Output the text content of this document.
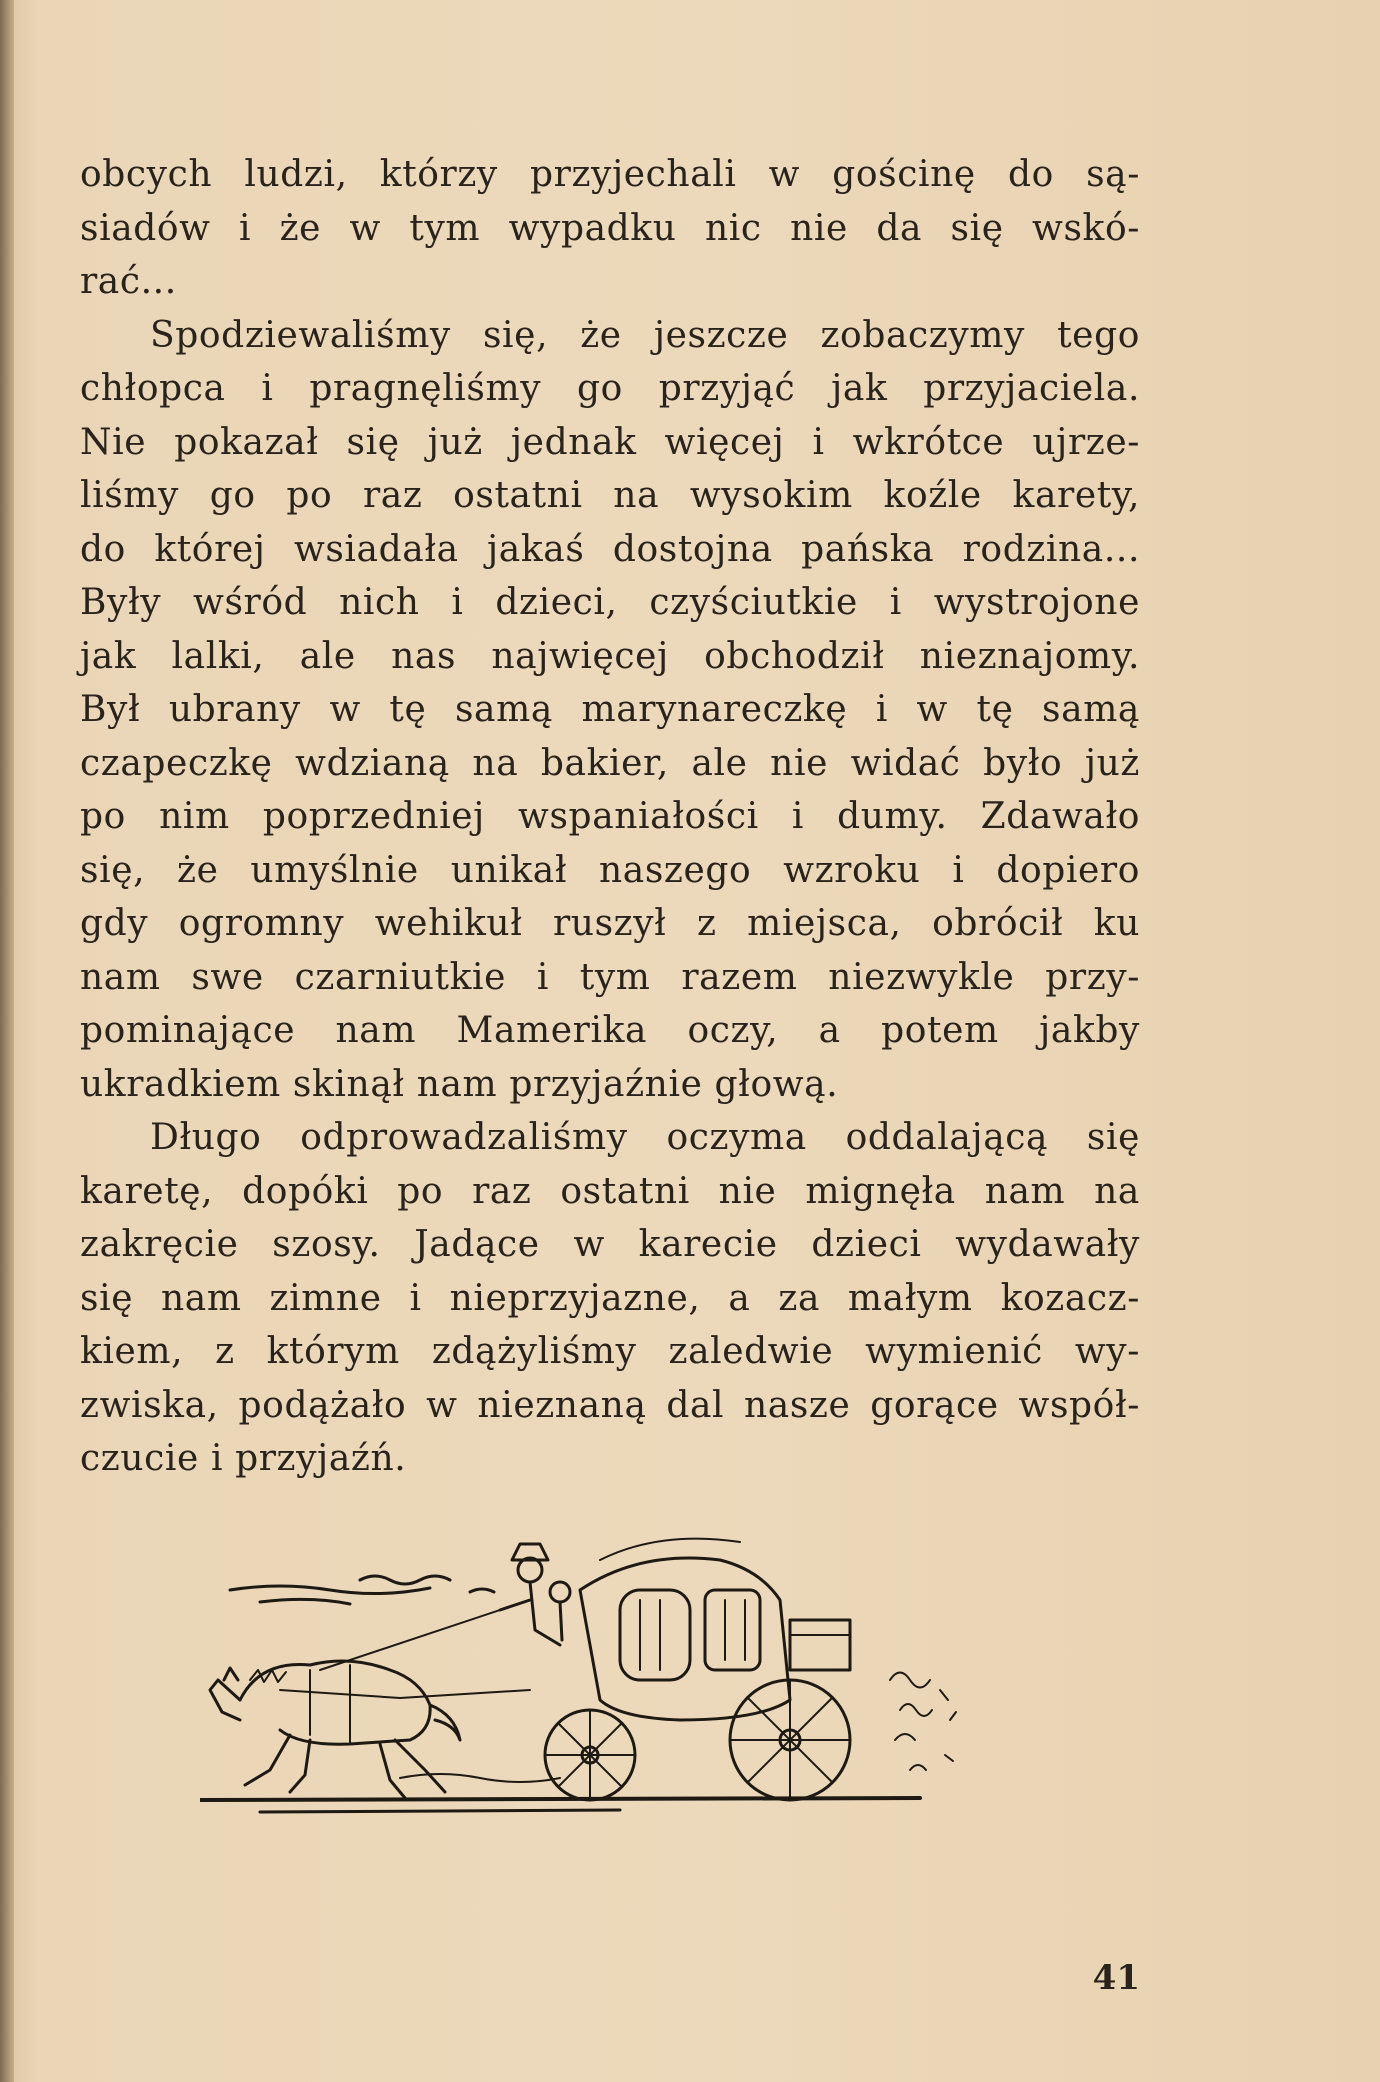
obcych ludzi, którzy przyjechali w gościnę do są-
siadów i że w tym wypadku nic nie da się wskó-
rać...
Spodziewaliśmy się, że jeszcze zobaczymy tego
chłopca i pragnęliśmy go przyjąć jak przyjaciela.
Nie pokazał się już jednak więcej i wkrótce ujrze-
liśmy go po raz ostatni na wysokim koźle karety,
do której wsiadała jakaś dostojna pańska rodzina...
Były wśród nich i dzieci, czyściutkie i wystrojone
jak lalki, ale nas najwięcej obchodził nieznajomy.
Był ubrany w tę samą marynareczkę i w tę samą
czapeczkę wdzianą na bakier, ale nie widać było już
po nim poprzedniej wspaniałości i dumy. Zdawało
się, że umyślnie unikał naszego wzroku i dopiero
gdy ogromny wehikuł ruszył z miejsca, obrócił ku
nam swe czarniutkie i tym razem niezwykle przy-
pominające nam Mamerika oczy, a potem jakby
ukradkiem skinął nam przyjaźnie głową.
Długo odprowadzaliśmy oczyma oddalającą się
karetę, dopóki po raz ostatni nie mignęła nam na
zakręcie szosy. Jadące w karecie dzieci wydawały
się nam zimne i nieprzyjazne, a za małym kozacz-
kiem, z którym zdążyliśmy zaledwie wymienić wy-
zwiska, podążało w nieznaną dal nasze gorące współ-
czucie i przyjaźń.
41
